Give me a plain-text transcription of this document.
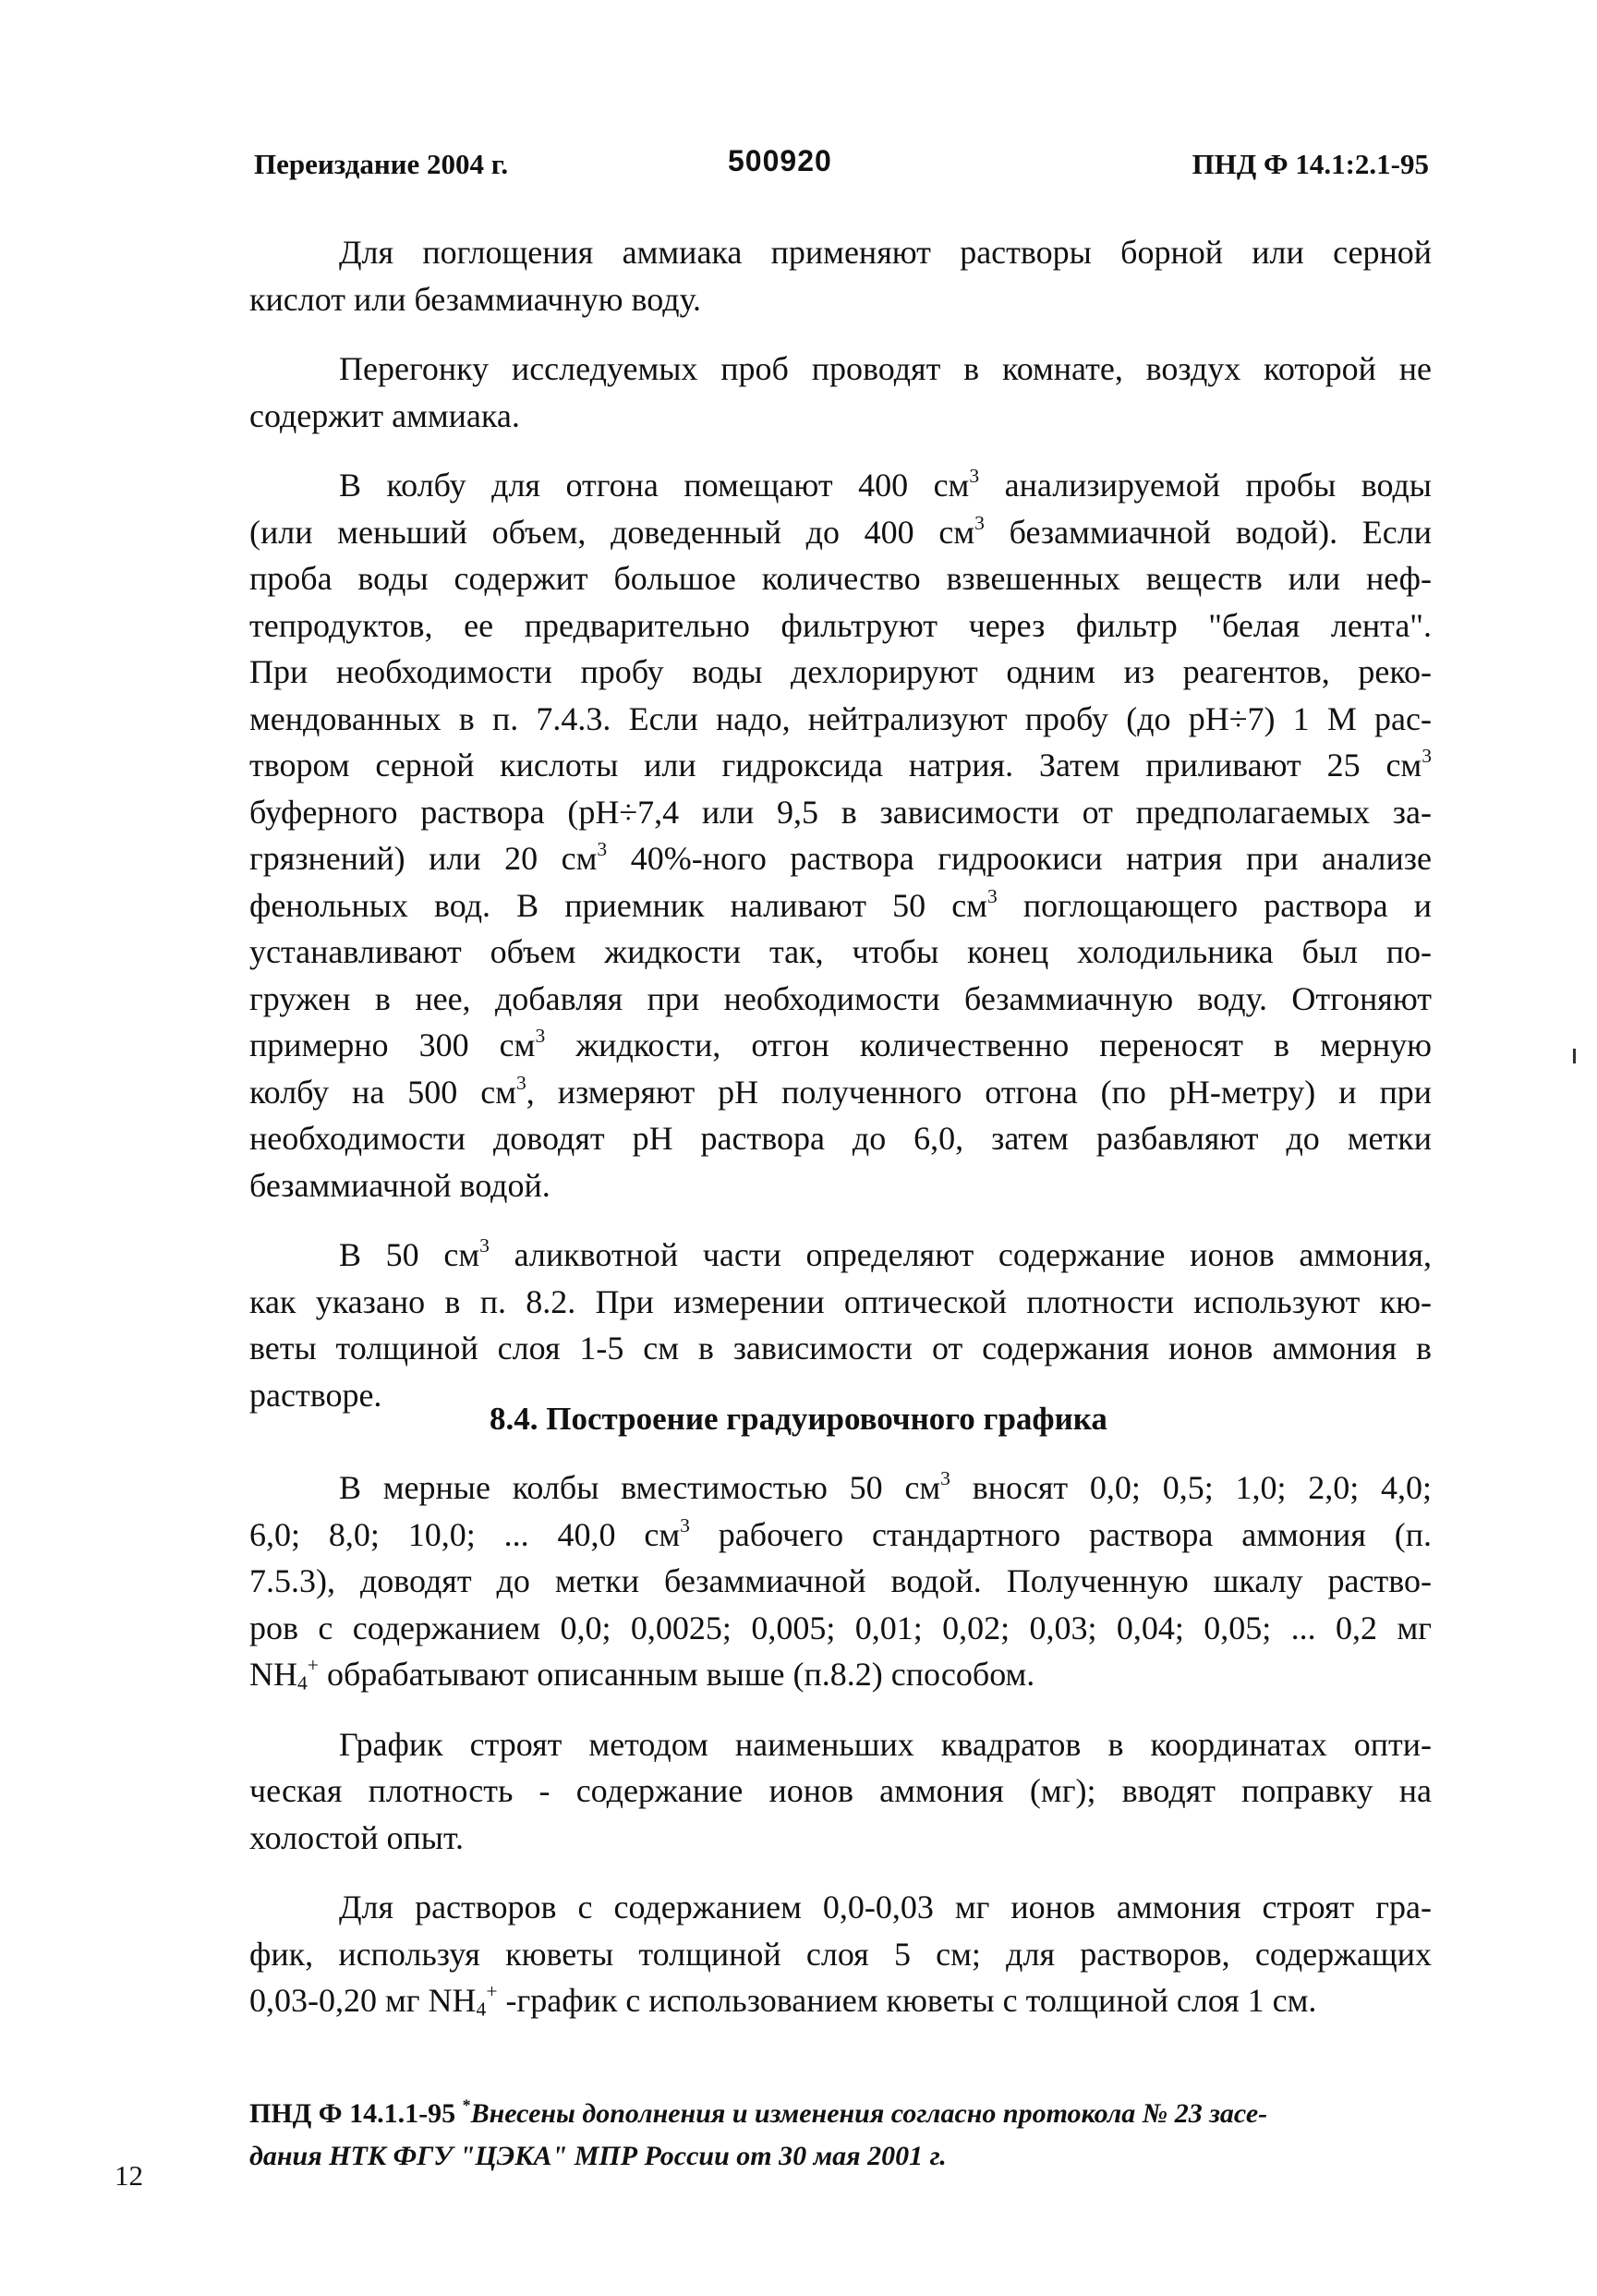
Переиздание 2004 г.	500920	ПНД Ф 14.1:2.1-95

Для поглощения аммиака применяют растворы борной или серной
кислот или безаммиачную воду.

Перегонку исследуемых проб проводят в комнате, воздух которой не
содержит аммиака.

В колбу для отгона помещают 400 $см^3$ анализируемой пробы воды
(или меньший объем, доведенный до 400 $см^3$ безаммиачной водой). Если
проба воды содержит большое количество взвешенных веществ или неф-
тепродуктов, ее предварительно фильтруют через фильтр "белая лента".
При необходимости пробу воды дехлорируют одним из реагентов, реко-
мендованных в п. 7.4.3. Если надо, нейтрализуют пробу (до рН÷7) 1 М рас-
твором серной кислоты или гидроксида натрия. Затем приливают 25 $см^3$
буферного раствора (рН÷7,4 или 9,5 в зависимости от предполагаемых за-
грязнений) или 20 $см^3$ 40%-ного раствора гидроокиси натрия при анализе
фенольных вод. В приемник наливают 50 $см^3$ поглощающего раствора и
устанавливают объем жидкости так, чтобы конец холодильника был по-
гружен в нее, добавляя при необходимости безаммиачную воду. Отгоняют
примерно 300 $см^3$ жидкости, отгон количественно переносят в мерную
колбу на 500 $см^3$, измеряют рН полученного отгона (по рН-метру) и при
необходимости доводят рН раствора до 6,0, затем разбавляют до метки
безаммиачной водой.

В 50 $см^3$ аликвотной части определяют содержание ионов аммония,
как указано в п. 8.2. При измерении оптической плотности используют кю-
веты толщиной слоя 1-5 см в зависимости от содержания ионов аммония в
растворе.

8.4. Построение градуировочного графика

В мерные колбы вместимостью 50 $см^3$ вносят 0,0; 0,5; 1,0; 2,0; 4,0;
6,0; 8,0; 10,0; ... 40,0 $см^3$ рабочего стандартного раствора аммония (п.
7.5.3), доводят до метки безаммиачной водой. Полученную шкалу раство-
ров с содержанием 0,0; 0,0025; 0,005; 0,01; 0,02; 0,03; 0,04; 0,05; ... 0,2 мг
$NH_4^+$ обрабатывают описанным выше (п.8.2) способом.

График строят методом наименьших квадратов в координатах опти-
ческая плотность - содержание ионов аммония (мг); вводят поправку на
холостой опыт.

Для растворов с содержанием 0,0-0,03 мг ионов аммония строят гра-
фик, используя кюветы толщиной слоя 5 см; для растворов, содержащих
0,03-0,20 мг $NH_4^+$ -график с использованием кюветы с толщиной слоя 1 см.

ПНД Ф 14.1.1-95 *Внесены дополнения и изменения согласно протокола № 23 засе-
дания НТК ФГУ "ЦЭКА" МПР России от 30 мая 2001 г.
12
